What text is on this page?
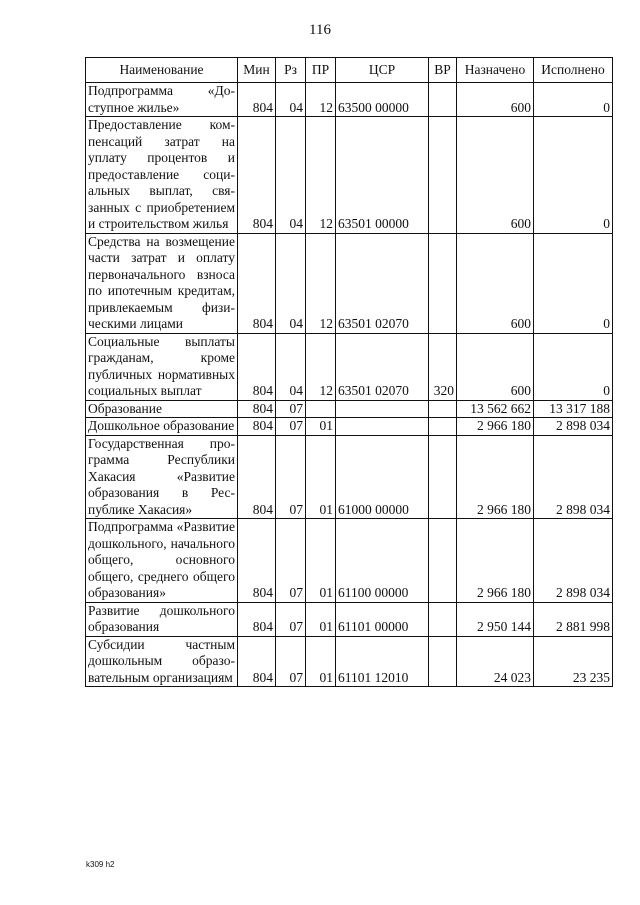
116
Наименование	Мин	Рз	ПР	ЦСР	ВР	Назначено	Исполнено
Подпрограмма «Доступное жилье»	804	04	12	63500 00000		600	0
Предоставление компенсаций затрат на уплату процентов и предоставление социальных выплат, связанных с приобретением и строительством жилья	804	04	12	63501 00000		600	0
Средства на возмещение части затрат и оплату первоначального взноса по ипотечным кредитам, привлекаемым физическими лицами	804	04	12	63501 02070		600	0
Социальные выплаты гражданам, кроме публичных нормативных социальных выплат	804	04	12	63501 02070	320	600	0
Образование	804	07				13 562 662	13 317 188
Дошкольное образование	804	07	01			2 966 180	2 898 034
Государственная программа Республики Хакасия «Развитие образования в Республике Хакасия»	804	07	01	61000 00000		2 966 180	2 898 034
Подпрограмма «Развитие дошкольного, начального общего, основного общего, среднего общего образования»	804	07	01	61100 00000		2 966 180	2 898 034
Развитие дошкольного образования	804	07	01	61101 00000		2 950 144	2 881 998
Субсидии частным дошкольным образовательным организациям	804	07	01	61101 12010		24 023	23 235
k309 h2
